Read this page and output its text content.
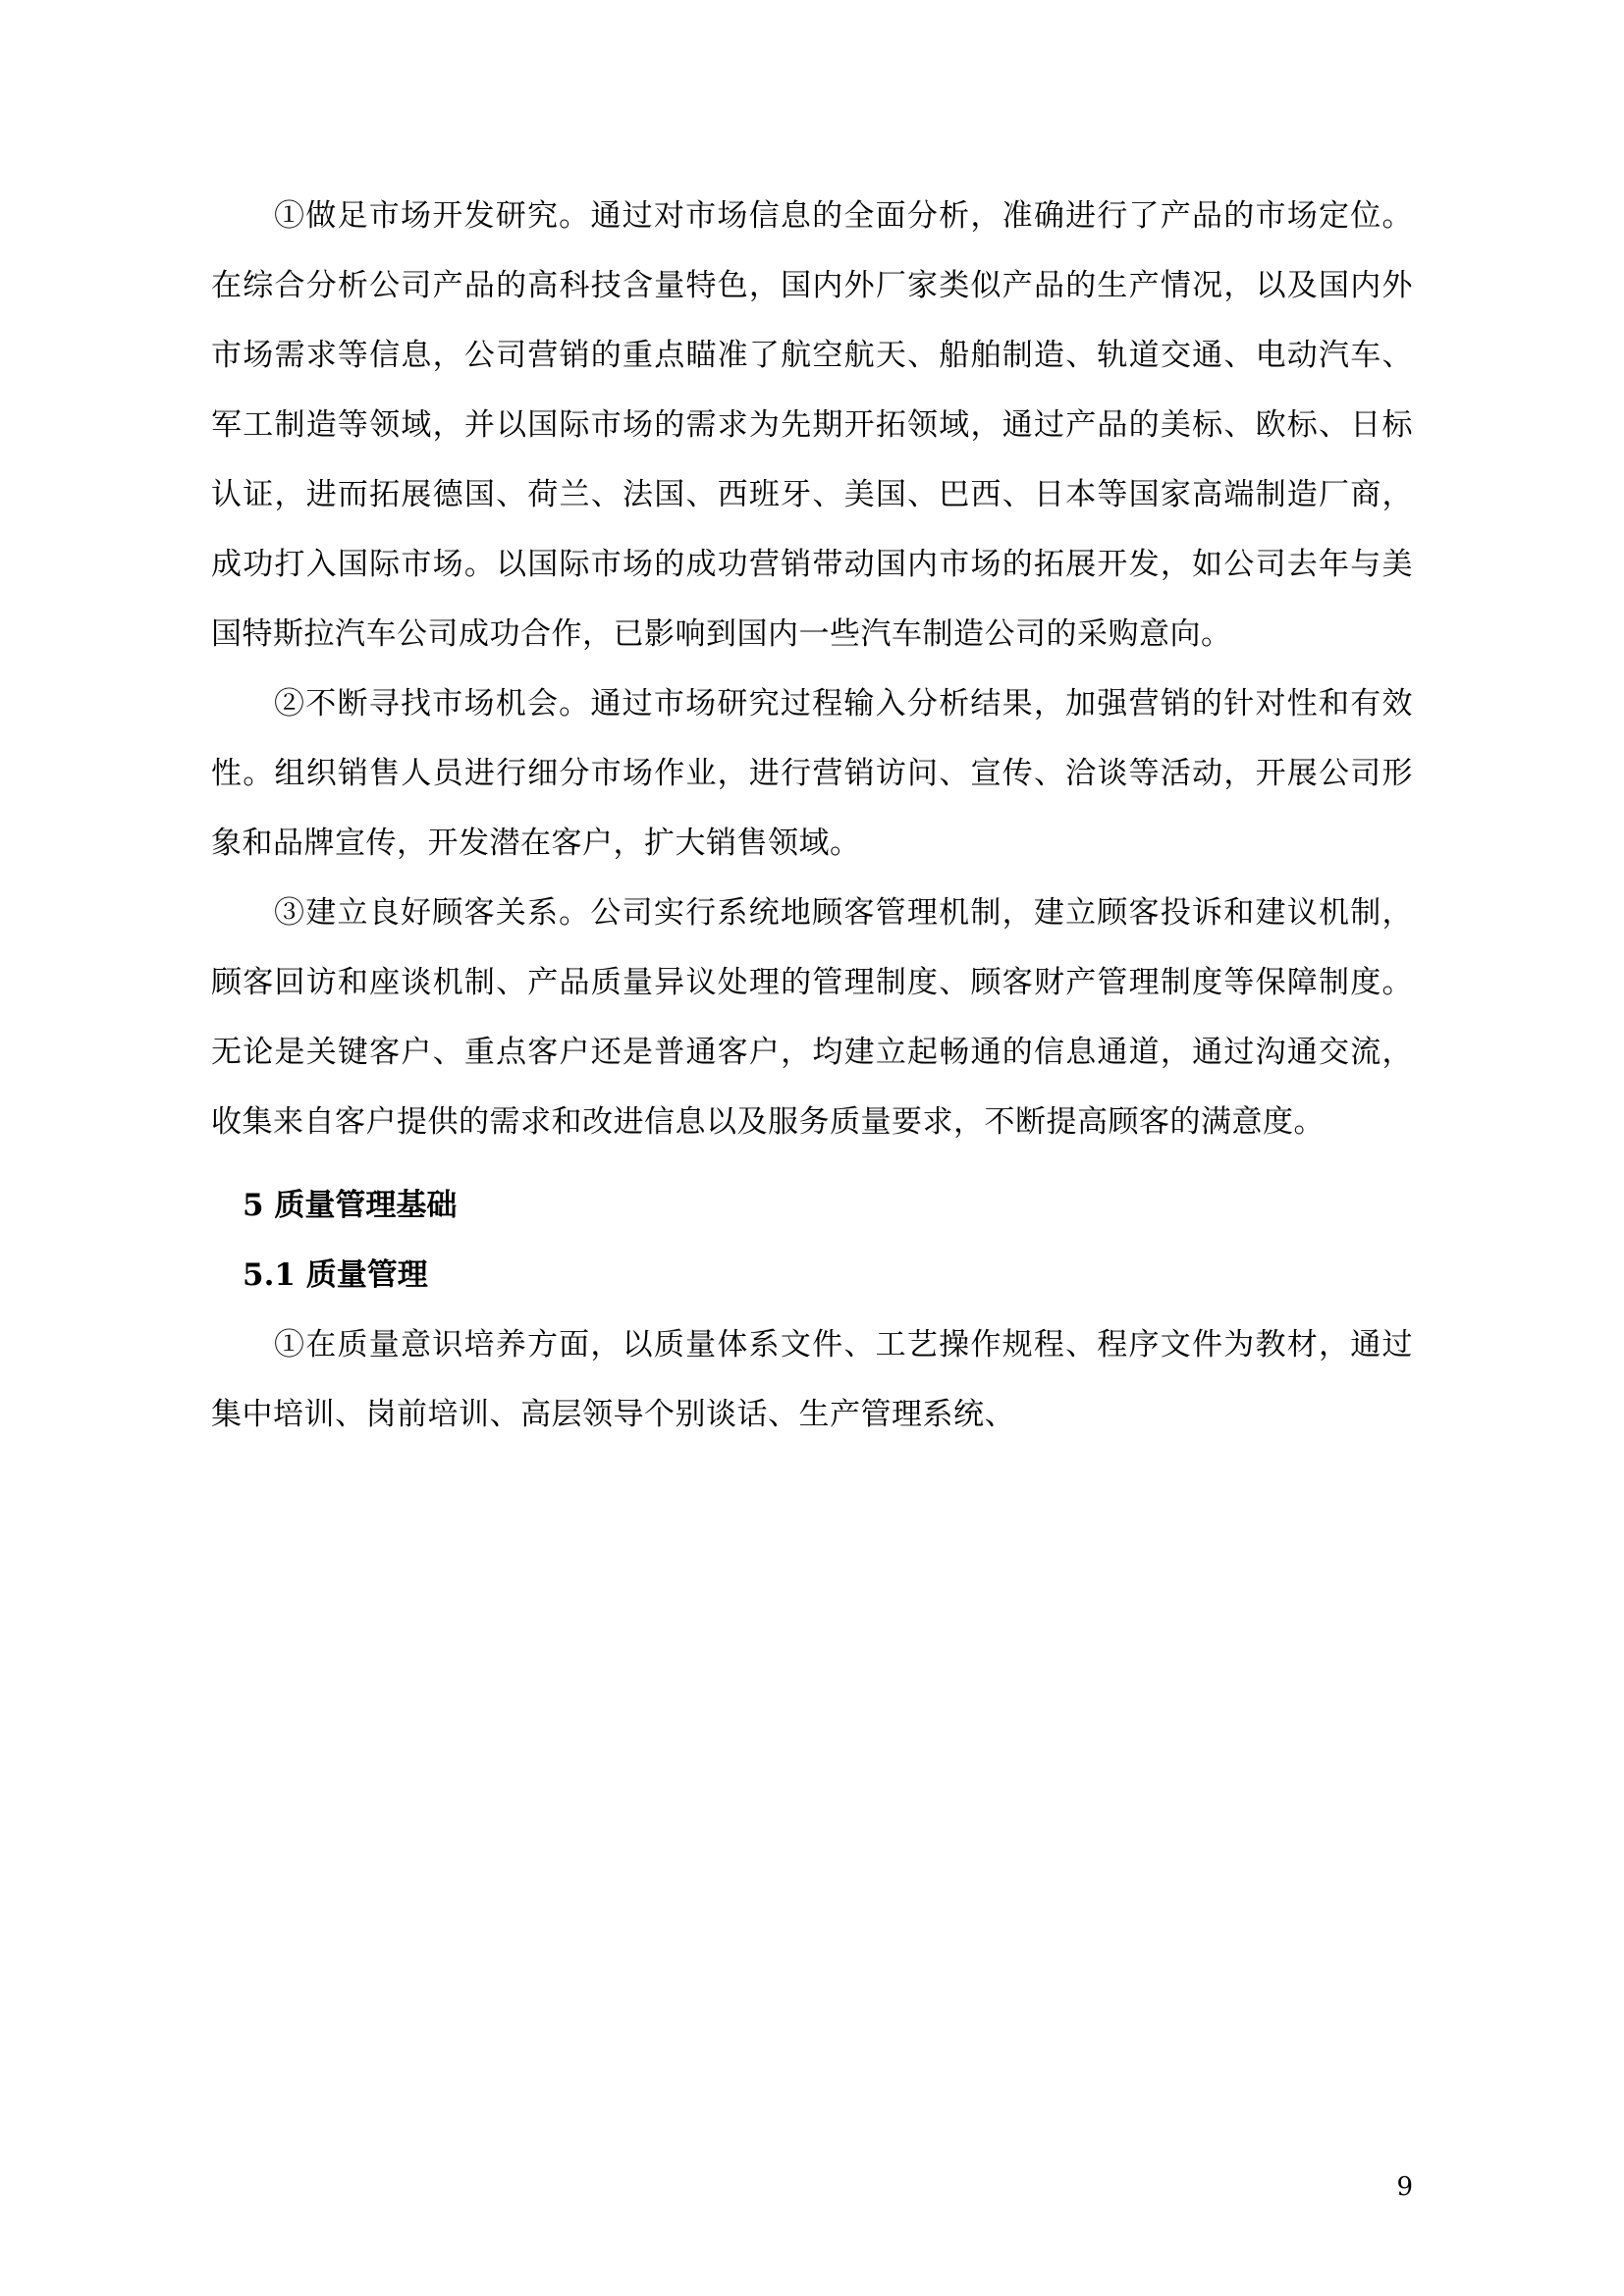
①做足市场开发研究。通过对市场信息的全面分析，准确进行了产品的市场定位。在综合分析公司产品的高科技含量特色，国内外厂家类似产品的生产情况，以及国内外市场需求等信息，公司营销的重点瞄准了航空航天、船舶制造、轨道交通、电动汽车、军工制造等领域，并以国际市场的需求为先期开拓领域，通过产品的美标、欧标、日标认证，进而拓展德国、荷兰、法国、西班牙、美国、巴西、日本等国家高端制造厂商，成功打入国际市场。以国际市场的成功营销带动国内市场的拓展开发，如公司去年与美国特斯拉汽车公司成功合作，已影响到国内一些汽车制造公司的采购意向。

②不断寻找市场机会。通过市场研究过程输入分析结果，加强营销的针对性和有效性。组织销售人员进行细分市场作业，进行营销访问、宣传、洽谈等活动，开展公司形象和品牌宣传，开发潜在客户，扩大销售领域。

③建立良好顾客关系。公司实行系统地顾客管理机制，建立顾客投诉和建议机制，顾客回访和座谈机制、产品质量异议处理的管理制度、顾客财产管理制度等保障制度。无论是关键客户、重点客户还是普通客户，均建立起畅通的信息通道，通过沟通交流，收集来自客户提供的需求和改进信息以及服务质量要求，不断提高顾客的满意度。

5 质量管理基础
5.1 质量管理

①在质量意识培养方面，以质量体系文件、工艺操作规程、程序文件为教材，通过集中培训、岗前培训、高层领导个别谈话、生产管理系统、

9
